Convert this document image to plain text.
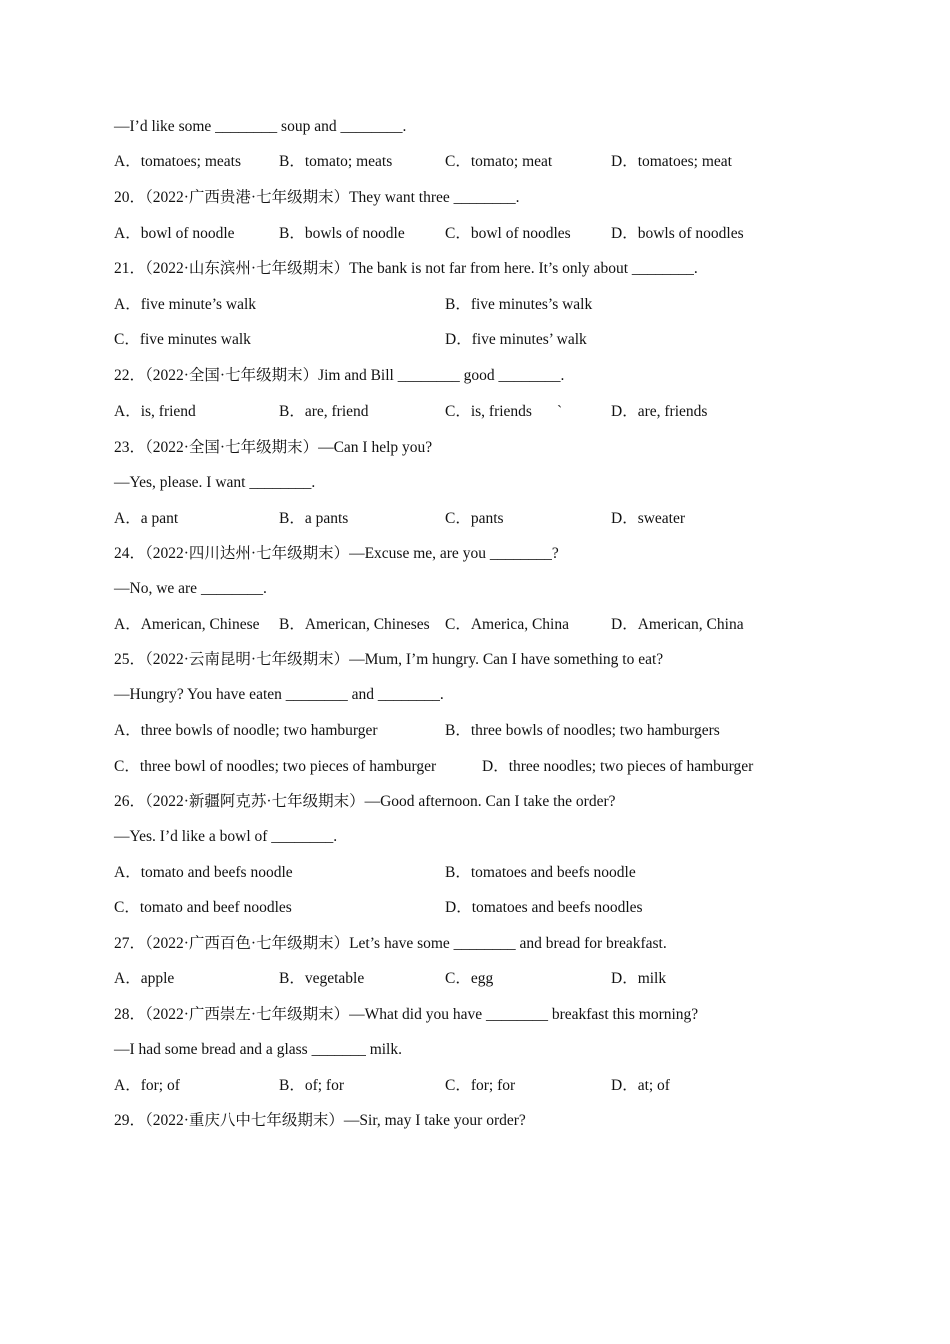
—I’d like some ________ soup and ________.
A．tomatoes; meats B．tomato; meats	C．tomato; meat	D．tomatoes; meat
20．（2022·广西贵港·七年级期末）They want three ________.
A．bowl of noodle	B．bowls of noodle	C．bowl of noodles	D．bowls of noodles
21．（2022·山东滨州·七年级期末）The bank is not far from here. It’s only about ________.
A．five minute’s walk	B．five minutes’s walk
C．five minutes walk	D．five minutes’ walk
22．（2022·全国·七年级期末）Jim and Bill ________ good ________.
A．is, friend	B．are, friend	C．is, friends `	D．are, friends
23．（2022·全国·七年级期末）—Can I help you?
—Yes, please. I want ________.
A．a pant	B．a pants	C．pants	D．sweater
24．（2022·四川达州·七年级期末）—Excuse me, are you ________?
—No, we are ________.
A．American, Chinese B．American, Chineses C．America, China	D．American, China
25．（2022·云南昆明·七年级期末）—Mum, I’m hungry. Can I have something to eat?
—Hungry? You have eaten ________ and ________.
A．three bowls of noodle; two hamburger	B．three bowls of noodles; two hamburgers
C．three bowl of noodles; two pieces of hamburger	D．three noodles; two pieces of hamburger
26．（2022·新疆阿克苏·七年级期末）—Good afternoon. Can I take the order?
—Yes. I’d like a bowl of ________.
A．tomato and beefs noodle	B．tomatoes and beefs noodle
C．tomato and beef noodles	D．tomatoes and beefs noodles
27．（2022·广西百色·七年级期末）Let’s have some ________ and bread for breakfast.
A．apple	B．vegetable	C．egg	D．milk
28．（2022·广西崇左·七年级期末）—What did you have ________ breakfast this morning?
—I had some bread and a glass _______ milk.
A．for; of	B．of; for	C．for; for	D．at; of
29．（2022·重庆八中七年级期末）—Sir, may I take your order?
